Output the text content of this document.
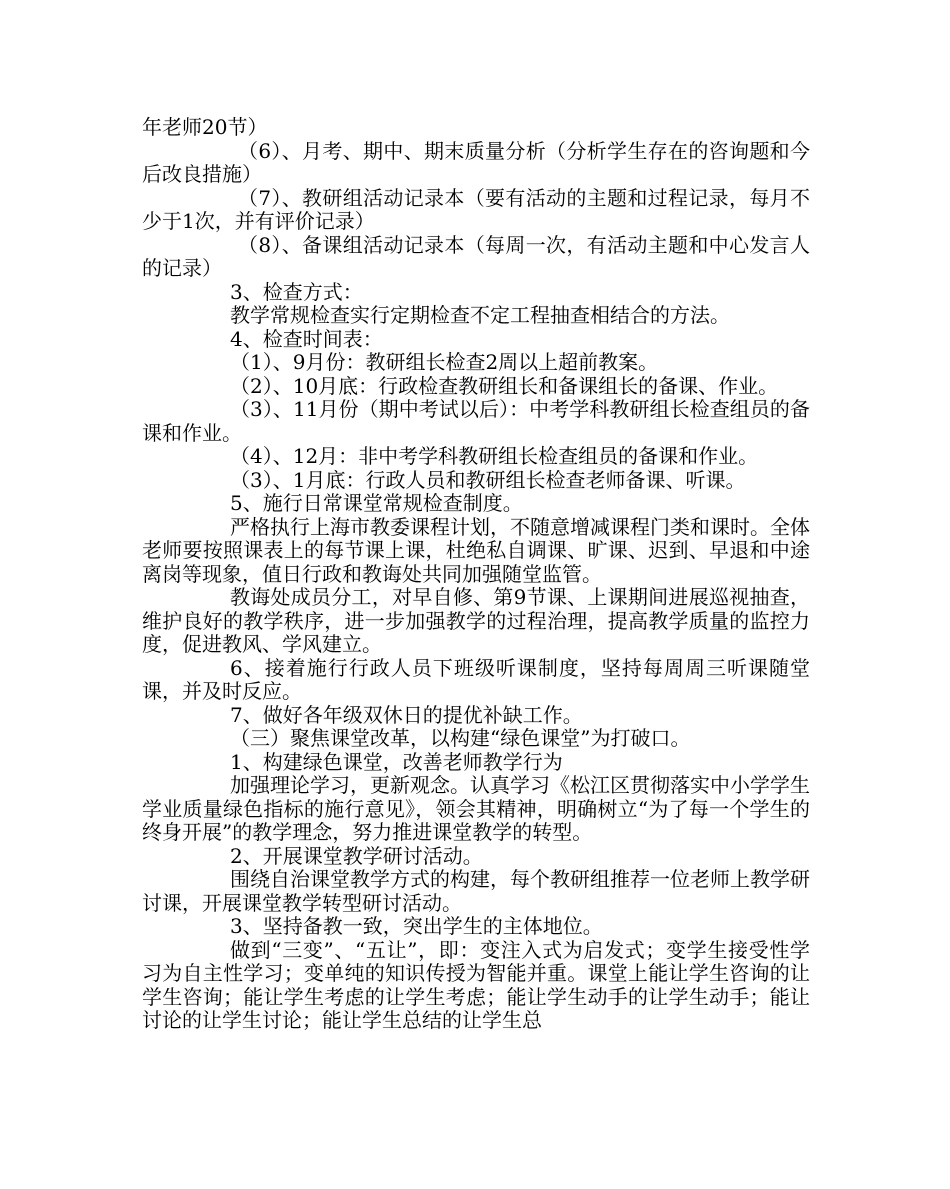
年老师20节）

（6）、月考、期中、期末质量分析（分析学生存在的咨询题和今后改良措施）

（7）、教研组活动记录本（要有活动的主题和过程记录，每月不少于1次，并有评价记录）

（8）、备课组活动记录本（每周一次，有活动主题和中心发言人的记录）

3、检查方式：

教学常规检查实行定期检查不定工程抽查相结合的方法。

4、检查时间表：

（1）、9月份：教研组长检查2周以上超前教案。

（2）、10月底：行政检查教研组长和备课组长的备课、作业。

（3）、11月份（期中考试以后）：中考学科教研组长检查组员的备课和作业。

（4）、12月：非中考学科教研组长检查组员的备课和作业。

（3）、1月底：行政人员和教研组长检查老师备课、听课。

5、施行日常课堂常规检查制度。

严格执行上海市教委课程计划，不随意增减课程门类和课时。全体老师要按照课表上的每节课上课，杜绝私自调课、旷课、迟到、早退和中途离岗等现象，值日行政和教诲处共同加强随堂监管。

教诲处成员分工，对早自修、第9节课、上课期间进展巡视抽查，维护良好的教学秩序，进一步加强教学的过程治理，提高教学质量的监控力度，促进教风、学风建立。

6、接着施行行政人员下班级听课制度，坚持每周周三听课随堂课，并及时反应。

7、做好各年级双休日的提优补缺工作。

（三）聚焦课堂改革，以构建“绿色课堂”为打破口。

1、构建绿色课堂，改善老师教学行为

加强理论学习，更新观念。认真学习《松江区贯彻落实中小学学生学业质量绿色指标的施行意见》，领会其精神，明确树立“为了每一个学生的终身开展”的教学理念，努力推进课堂教学的转型。

2、开展课堂教学研讨活动。

围绕自治课堂教学方式的构建，每个教研组推荐一位老师上教学研讨课，开展课堂教学转型研讨活动。

3、坚持备教一致，突出学生的主体地位。

做到“三变”、“五让”，即：变注入式为启发式；变学生接受性学习为自主性学习；变单纯的知识传授为智能并重。课堂上能让学生咨询的让学生咨询；能让学生考虑的让学生考虑；能让学生动手的让学生动手；能让讨论的让学生讨论；能让学生总结的让学生总
